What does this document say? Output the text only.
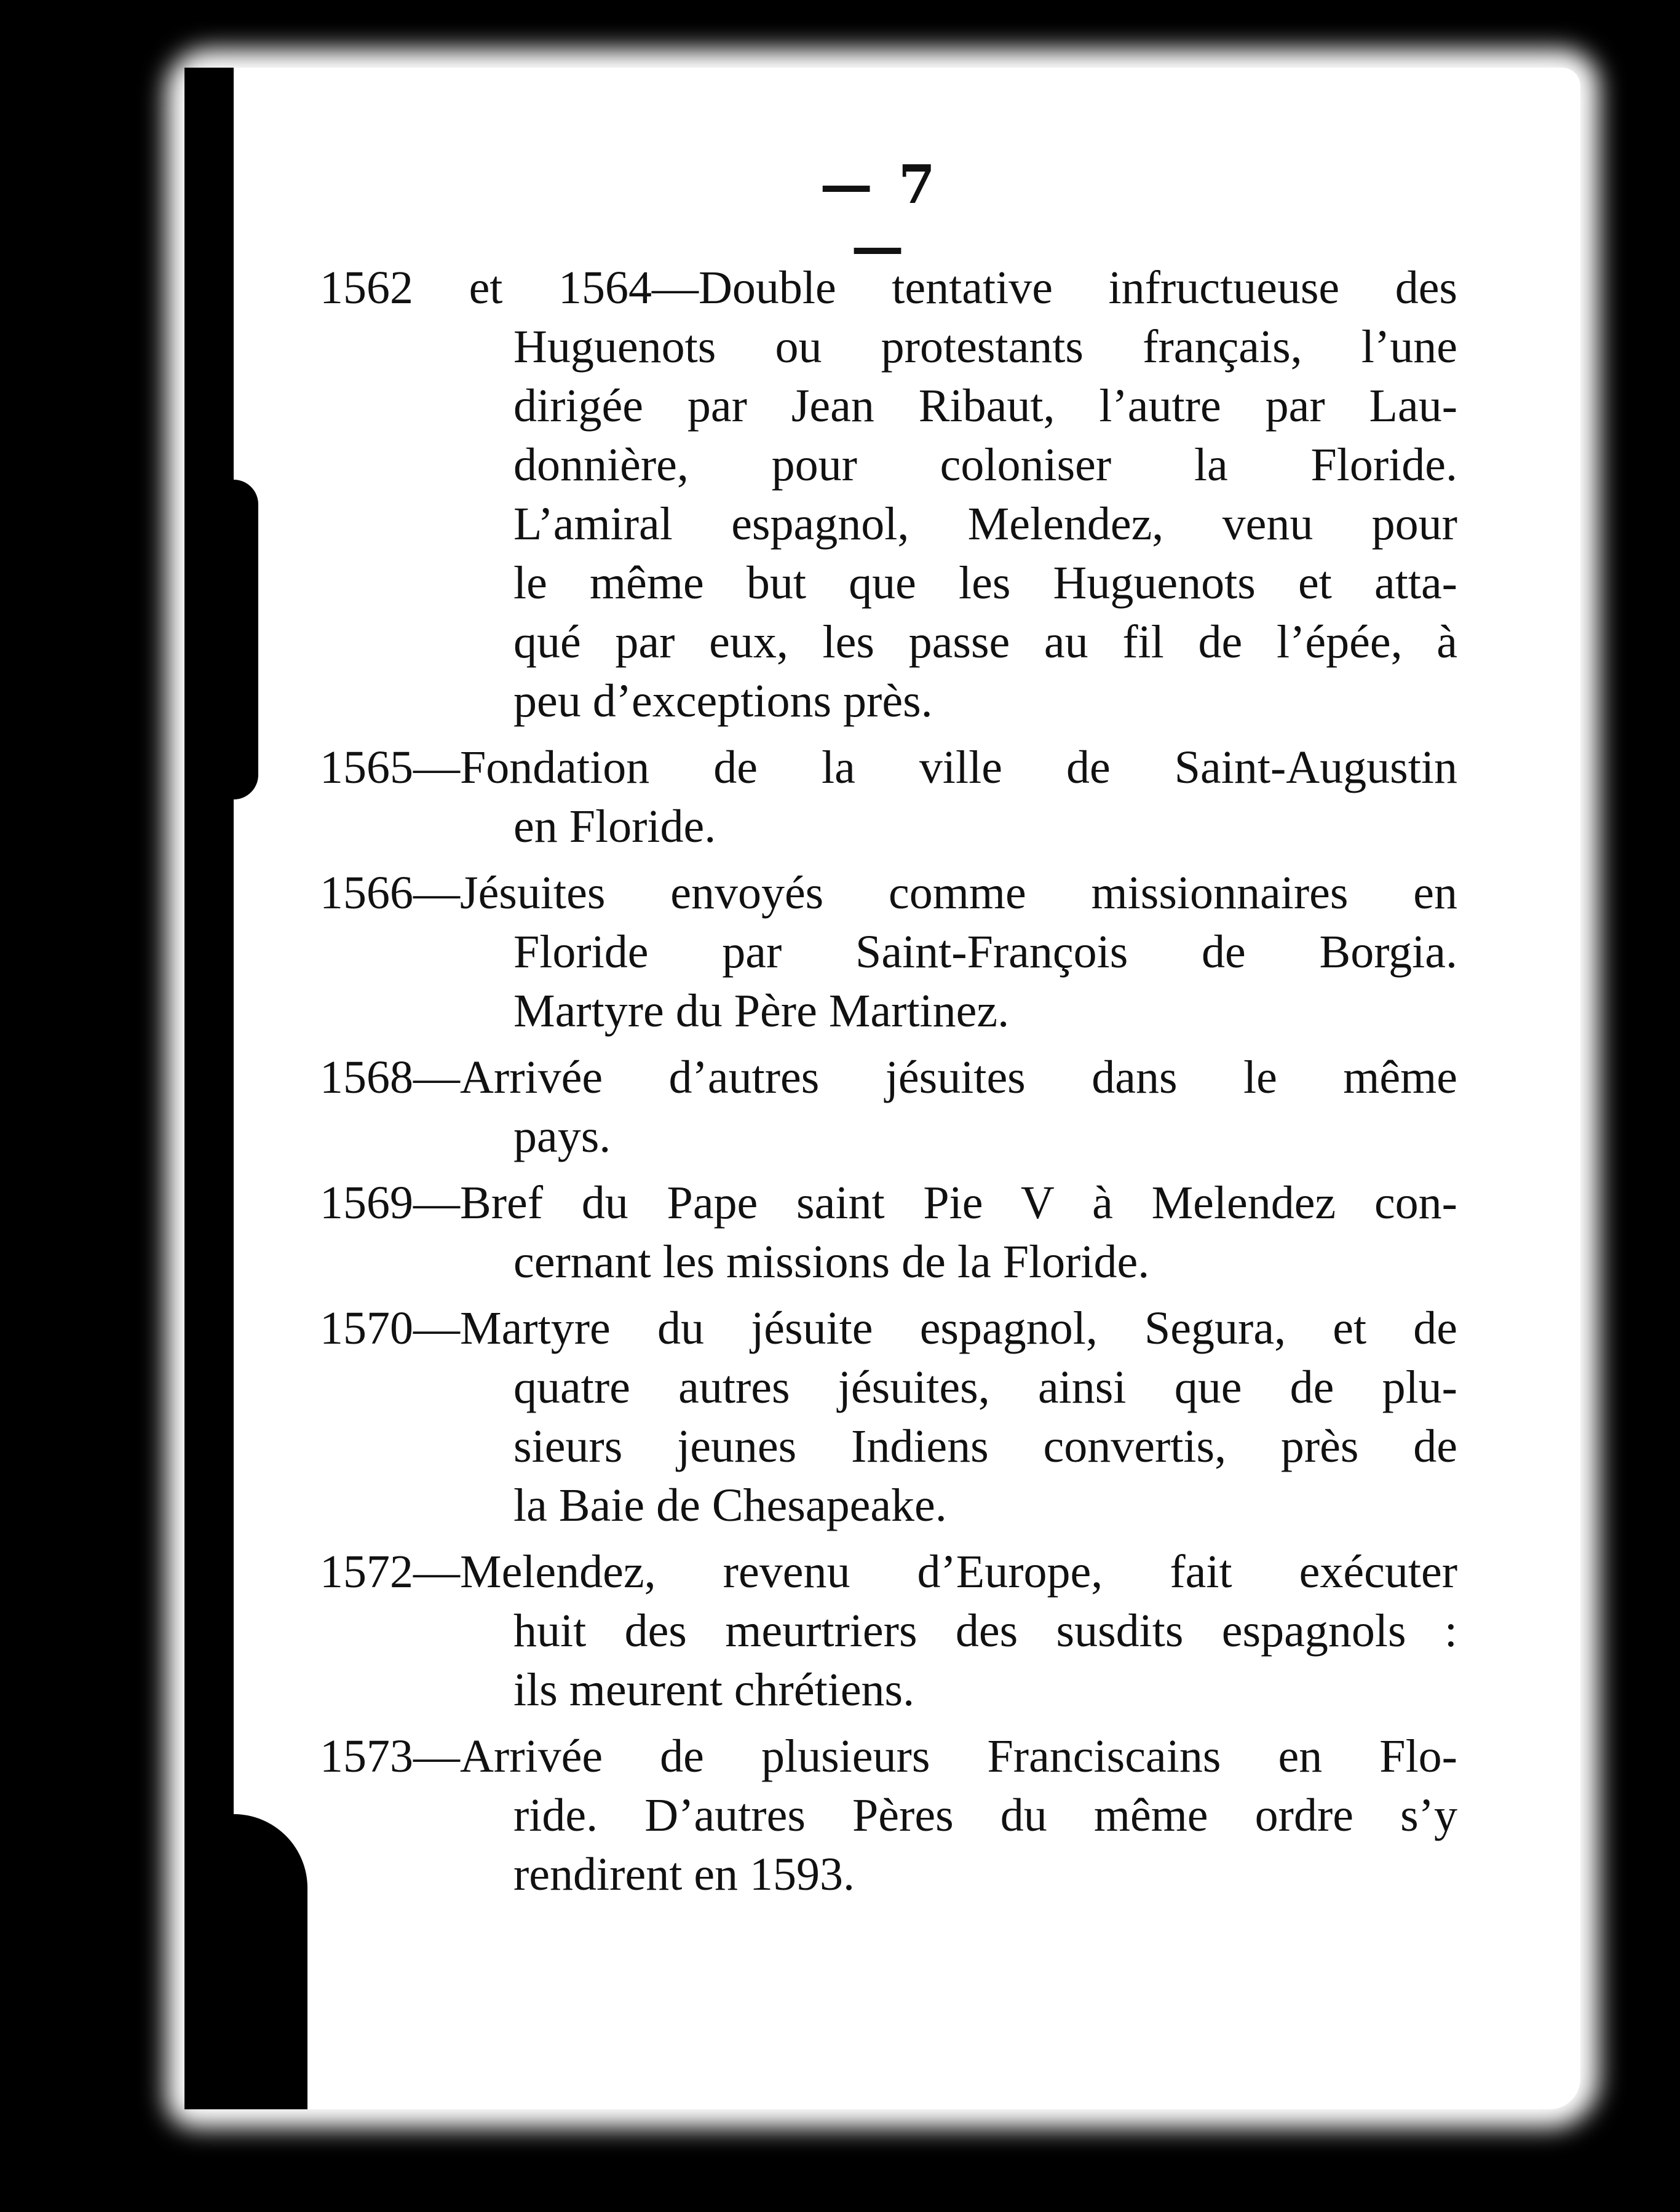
— 7 —
1562 et 1564—Double tentative infructueuse des
Huguenots ou protestants français, l’une
dirigée par Jean Ribaut, l’autre par Lau-
donnière, pour coloniser la Floride.
L’amiral espagnol, Melendez, venu pour
le même but que les Huguenots et atta-
qué par eux, les passe au fil de l’épée, à
peu d’exceptions près.
1565—Fondation de la ville de Saint-Augustin
en Floride.
1566—Jésuites envoyés comme missionnaires en
Floride par Saint-François de Borgia.
Martyre du Père Martinez.
1568—Arrivée d’autres jésuites dans le même
pays.
1569—Bref du Pape saint Pie V à Melendez con-
cernant les missions de la Floride.
1570—Martyre du jésuite espagnol, Segura, et de
quatre autres jésuites, ainsi que de plu-
sieurs jeunes Indiens convertis, près de
la Baie de Chesapeake.
1572—Melendez, revenu d’Europe, fait exécuter
huit des meurtriers des susdits espagnols :
ils meurent chrétiens.
1573—Arrivée de plusieurs Franciscains en Flo-
ride. D’autres Pères du même ordre s’y
rendirent en 1593.
